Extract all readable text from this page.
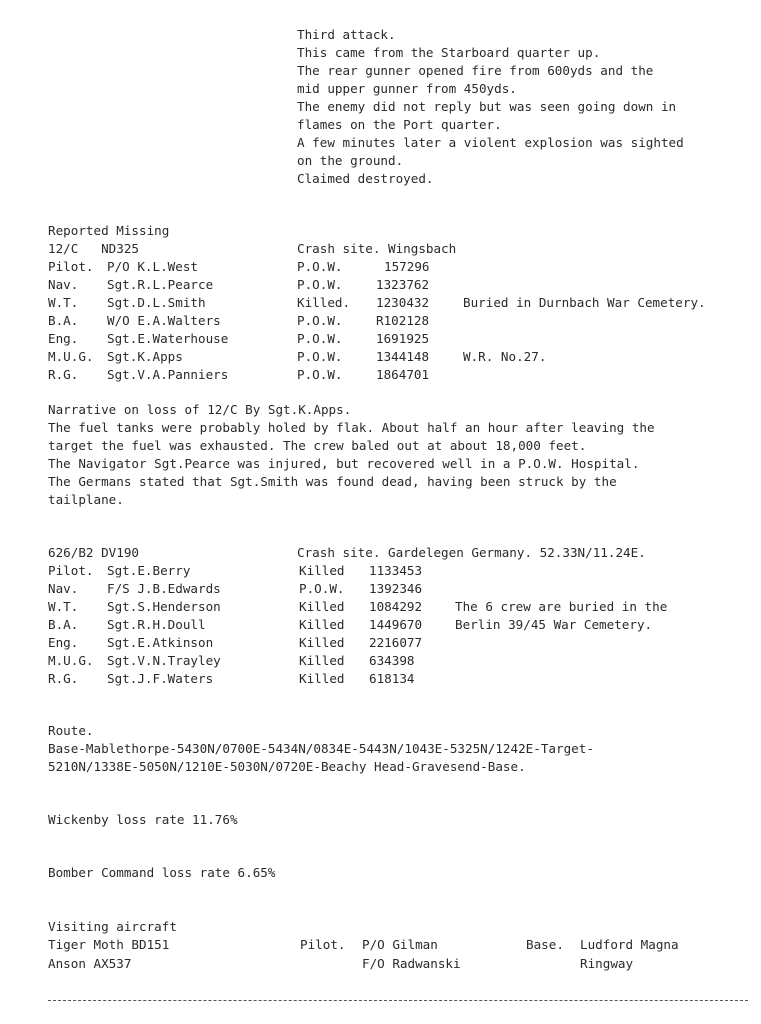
Third attack.
This came from the Starboard quarter up.
The rear gunner opened fire from 600yds and the
mid upper gunner from 450yds.
The enemy did not reply but was seen going down in
flames on the Port quarter.
A few minutes later a violent explosion was sighted
on the ground.
Claimed destroyed.
Reported Missing
12/C   ND325	Crash site. Wingsbach
Pilot. P/O K.L.West	P.O.W.	157296
Nav. Sgt.R.L.Pearce	P.O.W.	1323762
W.T. Sgt.D.L.Smith	Killed. 1230432	Buried in Durnbach War Cemetery.
B.A. W/O E.A.Walters	P.O.W.	R102128
Eng. Sgt.E.Waterhouse	P.O.W.	1691925
M.U.G. Sgt.K.Apps	P.O.W.	1344148	W.R. No.27.
R.G. Sgt.V.A.Panniers	P.O.W.	1864701
Narrative on loss of 12/C By Sgt.K.Apps.
The fuel tanks were probably holed by flak. About half an hour after leaving the
target the fuel was exhausted. The crew baled out at about 18,000 feet.
The Navigator Sgt.Pearce was injured, but recovered well in a P.O.W. Hospital.
The Germans stated that Sgt.Smith was found dead, having been struck by the
tailplane.
626/B2 DV190	Crash site. Gardelegen Germany. 52.33N/11.24E.
Pilot. Sgt.E.Berry	Killed 1133453
Nav. F/S J.B.Edwards	P.O.W. 1392346
W.T. Sgt.S.Henderson	Killed 1084292	The 6 crew are buried in the
B.A. Sgt.R.H.Doull	Killed 1449670	Berlin 39/45 War Cemetery.
Eng. Sgt.E.Atkinson	Killed 2216077
M.U.G. Sgt.V.N.Trayley	Killed 634398
R.G. Sgt.J.F.Waters	Killed 618134
Route.
Base-Mablethorpe-5430N/0700E-5434N/0834E-5443N/1043E-5325N/1242E-Target-
5210N/1338E-5050N/1210E-5030N/0720E-Beachy Head-Gravesend-Base.
Wickenby loss rate 11.76%
Bomber Command loss rate 6.65%
Visiting aircraft
Tiger Moth BD151	Pilot. P/O Gilman	Base. Ludford Magna
Anson AX537	F/O Radwanski	Ringway
